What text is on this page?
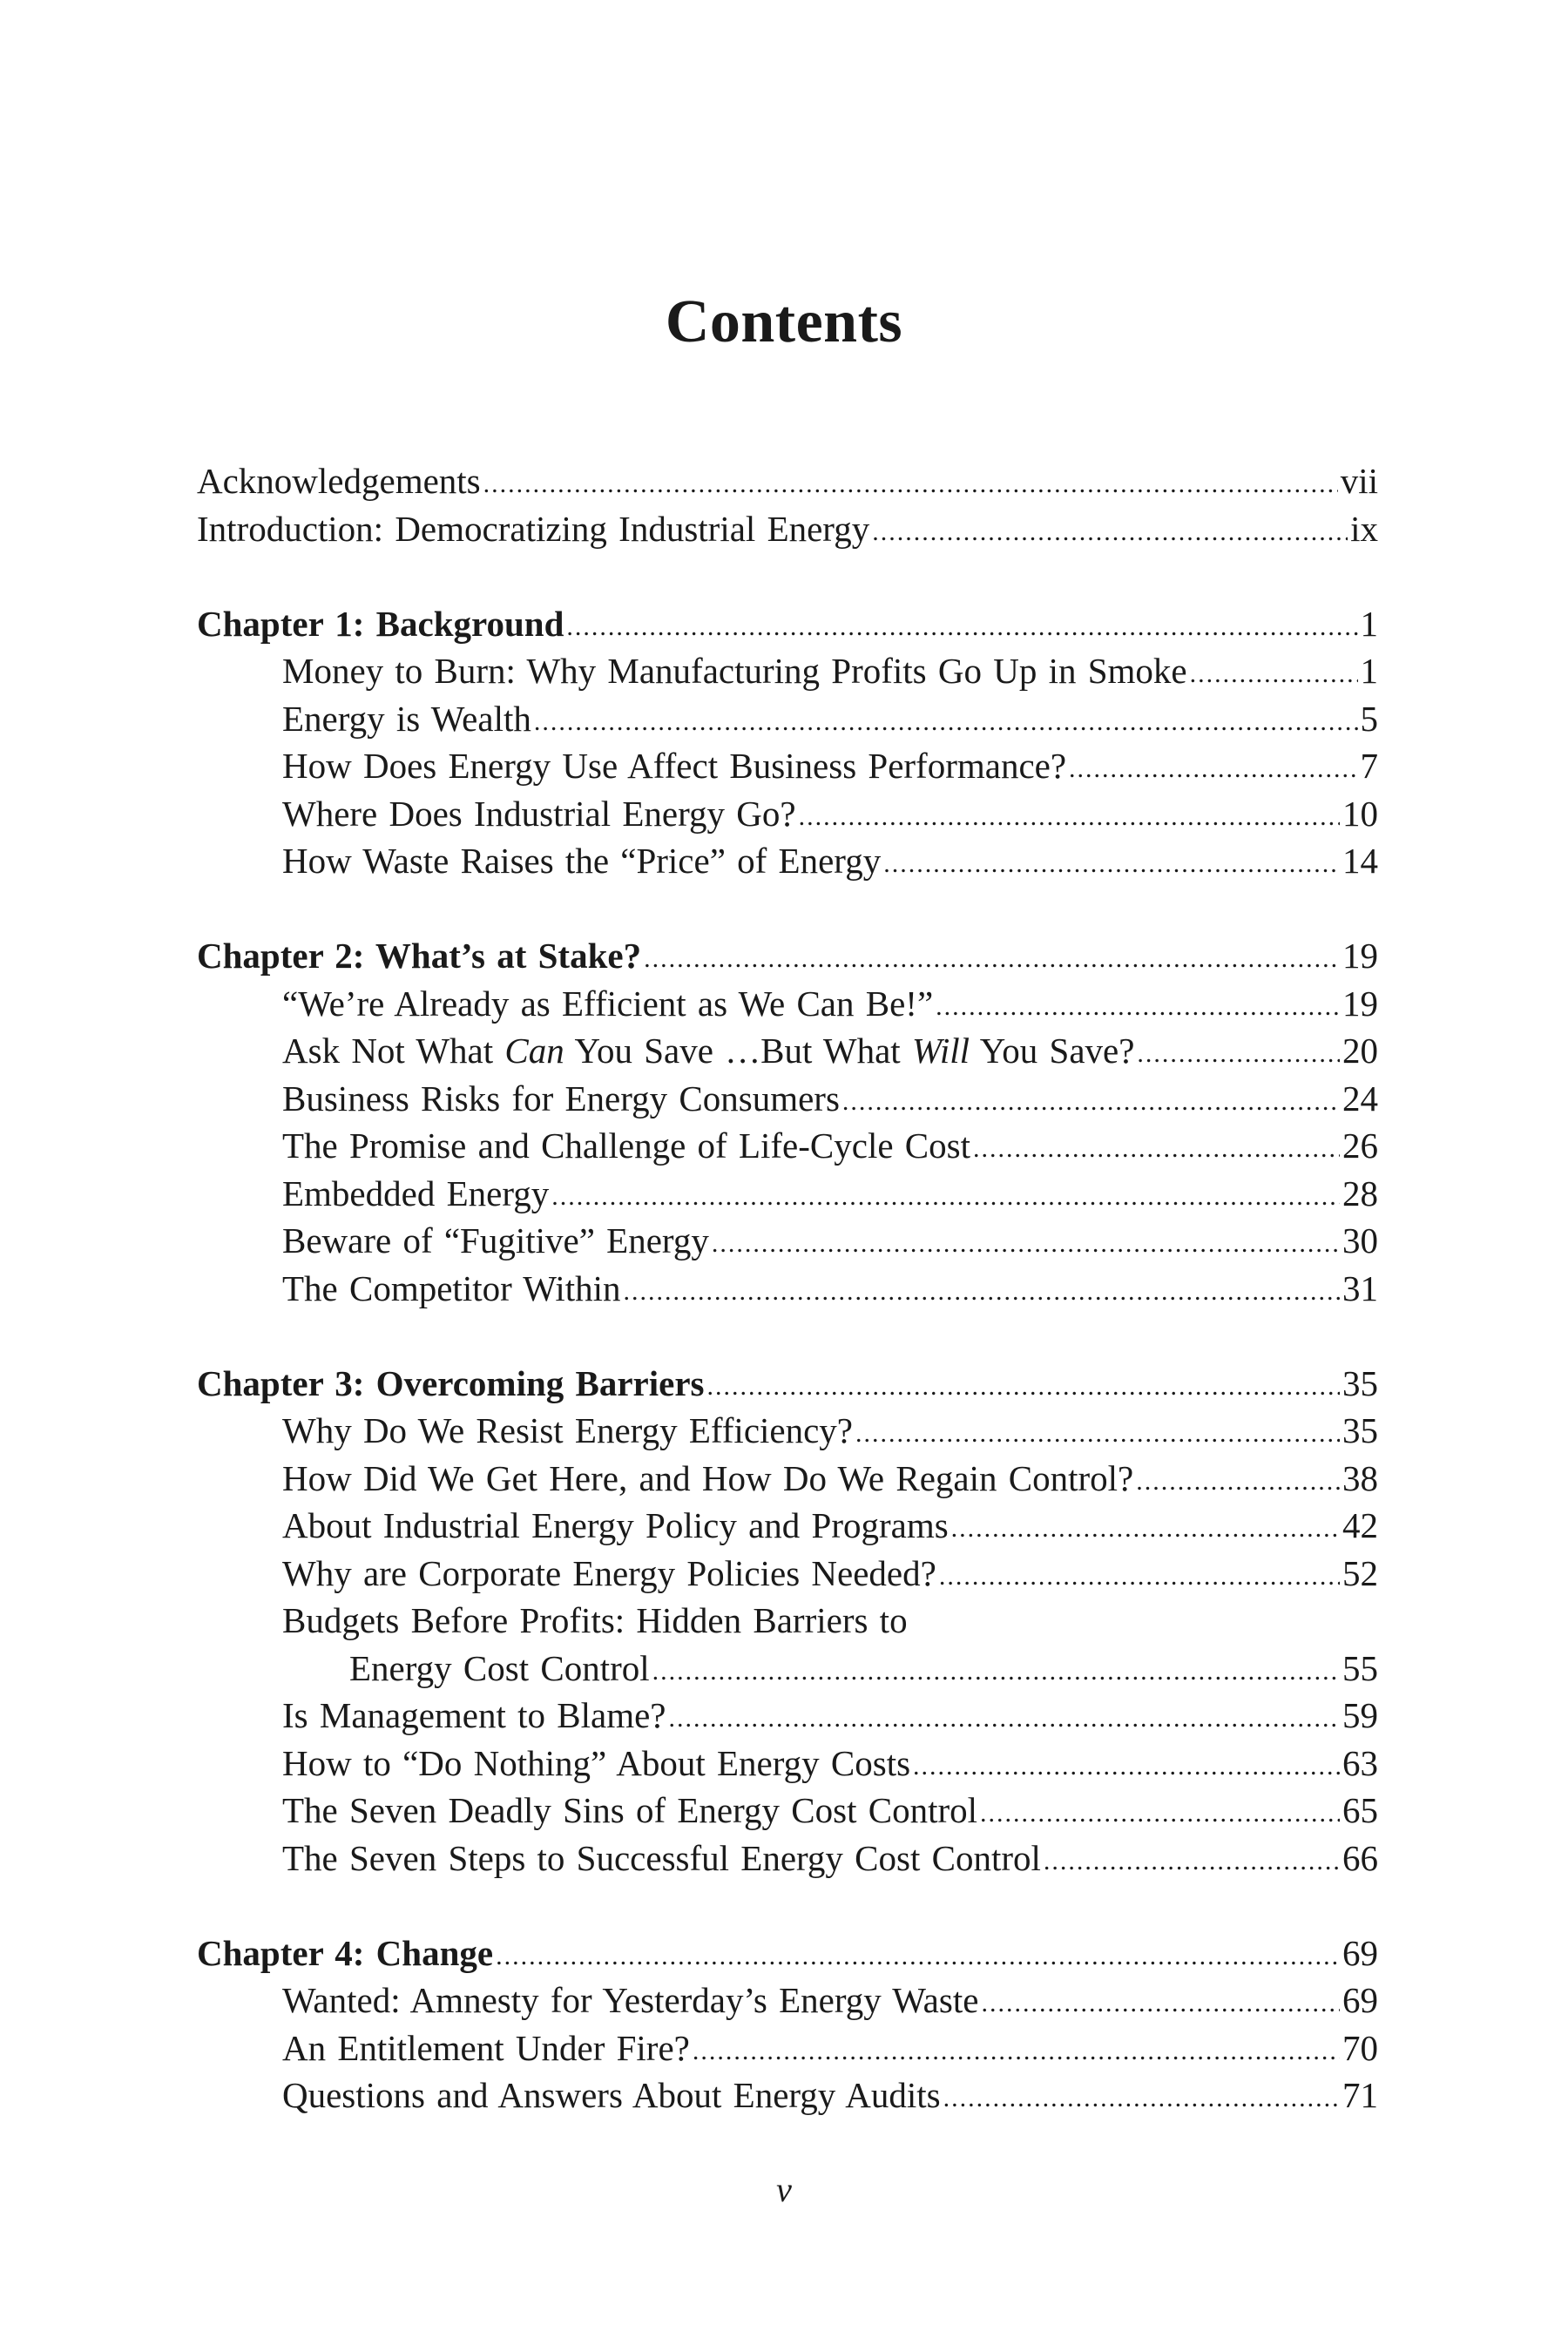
Contents
Acknowledgements .....	vii
Introduction: Democratizing Industrial Energy .....	ix
Chapter 1: Background .....	1
Money to Burn: Why Manufacturing Profits Go Up in Smoke .....	1
Energy is Wealth .....	5
How Does Energy Use Affect Business Performance? .....	7
Where Does Industrial Energy Go? .....	10
How Waste Raises the “Price” of Energy .....	14
Chapter 2: What’s at Stake? .....	19
“We’re Already as Efficient as We Can Be!” .....	19
Ask Not What Can You Save …But What Will You Save? .....	20
Business Risks for Energy Consumers .....	24
The Promise and Challenge of Life-Cycle Cost .....	26
Embedded Energy .....	28
Beware of “Fugitive” Energy .....	30
The Competitor Within .....	31
Chapter 3: Overcoming Barriers .....	35
Why Do We Resist Energy Efficiency? .....	35
How Did We Get Here, and How Do We Regain Control? .....	38
About Industrial Energy Policy and Programs .....	42
Why are Corporate Energy Policies Needed? .....	52
Budgets Before Profits: Hidden Barriers to
Energy Cost Control .....	55
Is Management to Blame? .....	59
How to “Do Nothing” About Energy Costs .....	63
The Seven Deadly Sins of Energy Cost Control .....	65
The Seven Steps to Successful Energy Cost Control .....	66
Chapter 4: Change .....	69
Wanted: Amnesty for Yesterday’s Energy Waste .....	69
An Entitlement Under Fire? .....	70
Questions and Answers About Energy Audits .....	71
v
